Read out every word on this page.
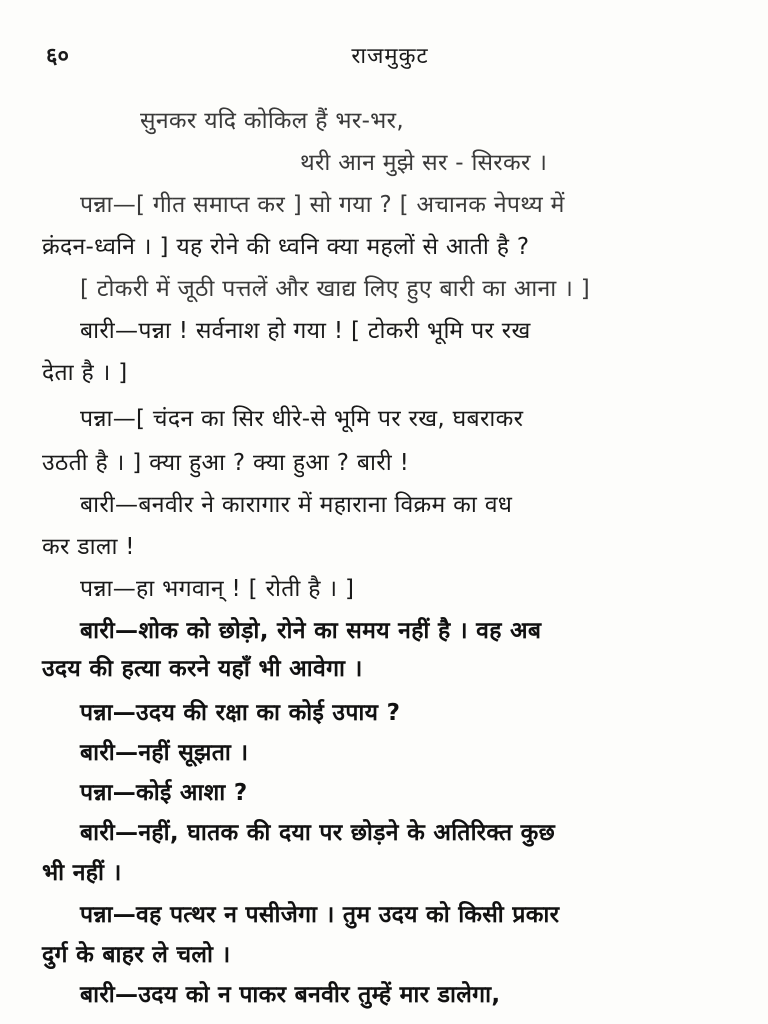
६०	राजमुकुट
सुनकर यदि कोकिल हैं भर-भर,
थरी आन मुझे सर - सिरकर ।
पन्ना—[ गीत समाप्त कर ] सो गया ? [ अचानक नेपथ्य में
क्रंदन-ध्वनि । ] यह रोने की ध्वनि क्या महलों से आती है ?
[ टोकरी में जूठी पत्तलें और खाद्य लिए हुए बारी का आना । ]
बारी—पन्ना ! सर्वनाश हो गया ! [ टोकरी भूमि पर रख
देता है । ]
पन्ना—[ चंदन का सिर धीरे-से भूमि पर रख, घबराकर
उठती है । ] क्या हुआ ? क्या हुआ ? बारी !
बारी—बनवीर ने कारागार में महाराना विक्रम का वध
कर डाला !
पन्ना—हा भगवान् ! [ रोती है । ]
बारी—शोक को छोड़ो, रोने का समय नहीं है । वह अब
उदय की हत्या करने यहाँ भी आवेगा ।
पन्ना—उदय की रक्षा का कोई उपाय ?
बारी—नहीं सूझता ।
पन्ना—कोई आशा ?
बारी—नहीं, घातक की दया पर छोड़ने के अतिरिक्त कुछ
भी नहीं ।
पन्ना—वह पत्थर न पसीजेगा । तुम उदय को किसी प्रकार
दुर्ग के बाहर ले चलो ।
बारी—उदय को न पाकर बनवीर तुम्हें मार डालेगा,
